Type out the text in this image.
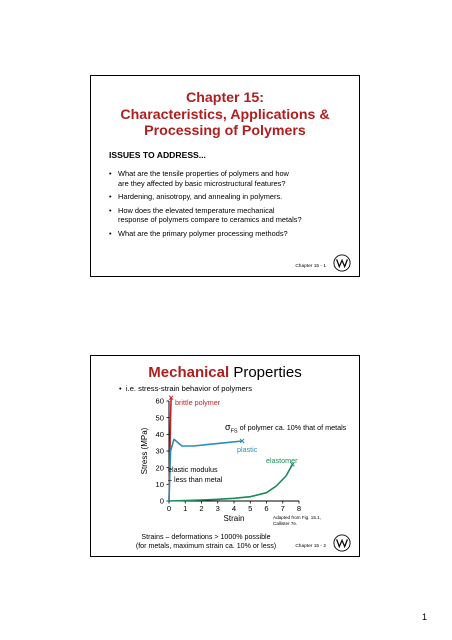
Chapter 15:
Characteristics, Applications &
Processing of Polymers
ISSUES TO ADDRESS...
• What are the tensile properties of polymers and how
are they affected by basic microstructural features?
• Hardening, anisotropy, and annealing in polymers.
• How does the elevated temperature mechanical
response of polymers compare to ceramics and metals?
• What are the primary polymer processing methods?
Chapter 15 - 1
Mechanical Properties
• i.e. stress-strain behavior of polymers
0 1 2 3 4 5 6 7 8
0
10
20
30
40
50
60
Strain
Stress (MPa)
brittle polymer
$\sigma_{FS}$ of polymer ca. 10% that of metals
plastic
elastomer
elastic modulus
– less than metal
Strains – deformations > 1000% possible
(for metals, maximum strain ca. 10% or less)
Adapted from Fig. 15.1,
Callister 7e.
Chapter 15 - 2
1
